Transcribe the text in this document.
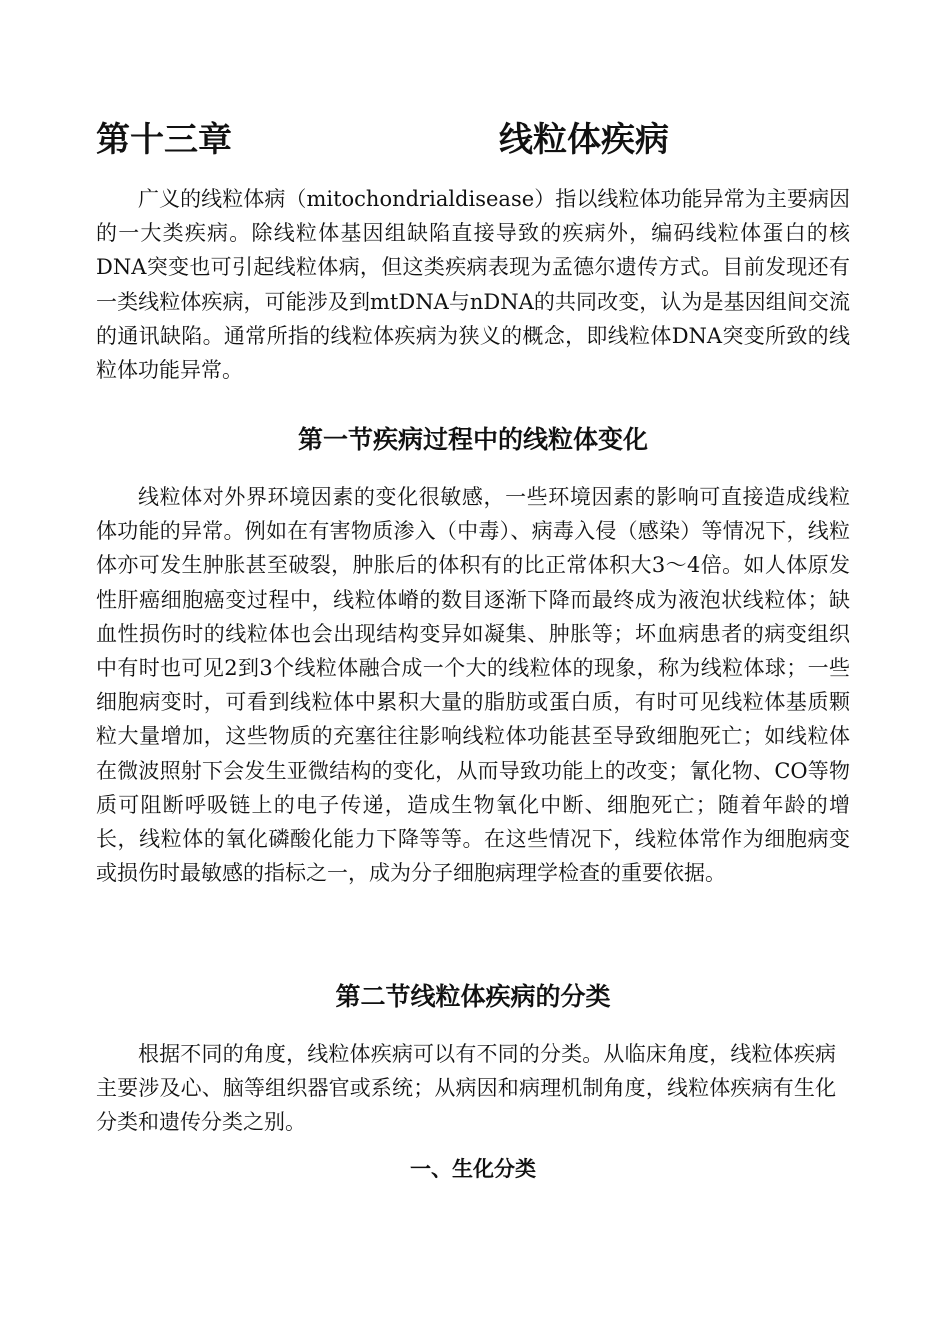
第十三章	线粒体疾病

广义的线粒体病（mitochondrialdisease）指以线粒体功能异常为主要病因的一大类疾病。除线粒体基因组缺陷直接导致的疾病外，编码线粒体蛋白的核DNA突变也可引起线粒体病，但这类疾病表现为孟德尔遗传方式。目前发现还有一类线粒体疾病，可能涉及到mtDNA与nDNA的共同改变，认为是基因组间交流的通讯缺陷。通常所指的线粒体疾病为狭义的概念，即线粒体DNA突变所致的线粒体功能异常。

第一节疾病过程中的线粒体变化

线粒体对外界环境因素的变化很敏感，一些环境因素的影响可直接造成线粒体功能的异常。例如在有害物质渗入（中毒）、病毒入侵（感染）等情况下，线粒体亦可发生肿胀甚至破裂，肿胀后的体积有的比正常体积大3〜4倍。如人体原发性肝癌细胞癌变过程中，线粒体嵴的数目逐渐下降而最终成为液泡状线粒体；缺血性损伤时的线粒体也会出现结构变异如凝集、肿胀等；坏血病患者的病变组织中有时也可见2到3个线粒体融合成一个大的线粒体的现象，称为线粒体球；一些细胞病变时，可看到线粒体中累积大量的脂肪或蛋白质，有时可见线粒体基质颗粒大量增加，这些物质的充塞往往影响线粒体功能甚至导致细胞死亡；如线粒体在微波照射下会发生亚微结构的变化，从而导致功能上的改变；氰化物、CO等物质可阻断呼吸链上的电子传递，造成生物氧化中断、细胞死亡；随着年龄的增长，线粒体的氧化磷酸化能力下降等等。在这些情况下，线粒体常作为细胞病变或损伤时最敏感的指标之一，成为分子细胞病理学检查的重要依据。

第二节线粒体疾病的分类

根据不同的角度，线粒体疾病可以有不同的分类。从临床角度，线粒体疾病主要涉及心、脑等组织器官或系统；从病因和病理机制角度，线粒体疾病有生化分类和遗传分类之别。

一、生化分类
